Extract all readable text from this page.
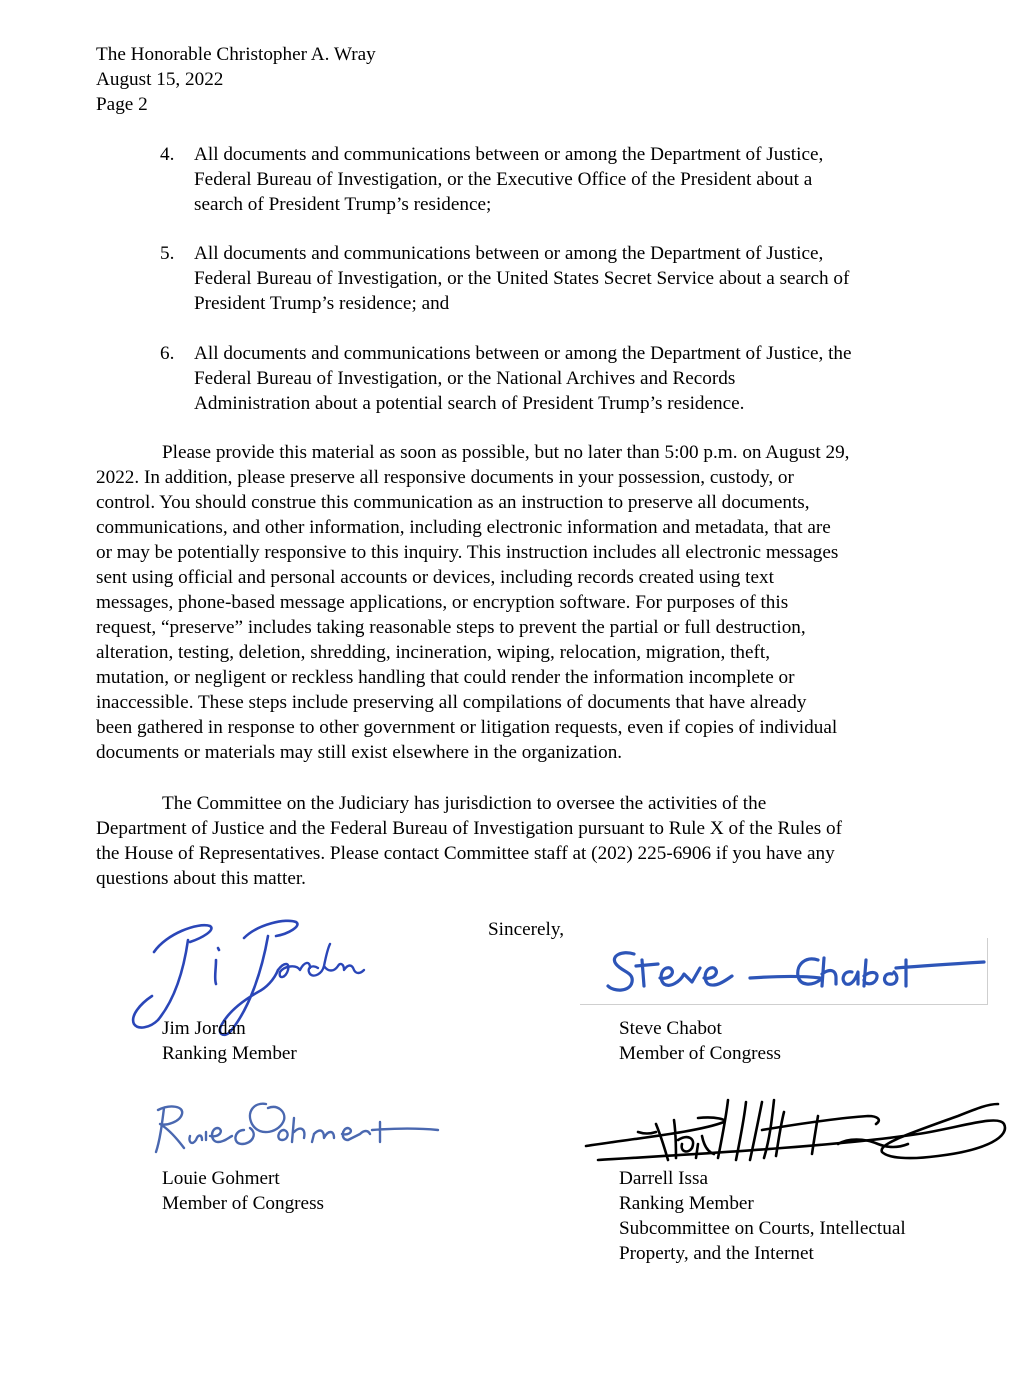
The Honorable Christopher A. Wray
August 15, 2022
Page 2
4. All documents and communications between or among the Department of Justice,
Federal Bureau of Investigation, or the Executive Office of the President about a
search of President Trump’s residence;
5. All documents and communications between or among the Department of Justice,
Federal Bureau of Investigation, or the United States Secret Service about a search of
President Trump’s residence; and
6. All documents and communications between or among the Department of Justice, the
Federal Bureau of Investigation, or the National Archives and Records
Administration about a potential search of President Trump’s residence.
Please provide this material as soon as possible, but no later than 5:00 p.m. on August 29,
2022. In addition, please preserve all responsive documents in your possession, custody, or
control. You should construe this communication as an instruction to preserve all documents,
communications, and other information, including electronic information and metadata, that are
or may be potentially responsive to this inquiry. This instruction includes all electronic messages
sent using official and personal accounts or devices, including records created using text
messages, phone-based message applications, or encryption software. For purposes of this
request, “preserve” includes taking reasonable steps to prevent the partial or full destruction,
alteration, testing, deletion, shredding, incineration, wiping, relocation, migration, theft,
mutation, or negligent or reckless handling that could render the information incomplete or
inaccessible. These steps include preserving all compilations of documents that have already
been gathered in response to other government or litigation requests, even if copies of individual
documents or materials may still exist elsewhere in the organization.
The Committee on the Judiciary has jurisdiction to oversee the activities of the
Department of Justice and the Federal Bureau of Investigation pursuant to Rule X of the Rules of
the House of Representatives. Please contact Committee staff at (202) 225-6906 if you have any
questions about this matter.
Sincerely,
Jim Jordan
Ranking Member
Steve Chabot
Member of Congress
Louie Gohmert
Member of Congress
Darrell Issa
Ranking Member
Subcommittee on Courts, Intellectual
Property, and the Internet
